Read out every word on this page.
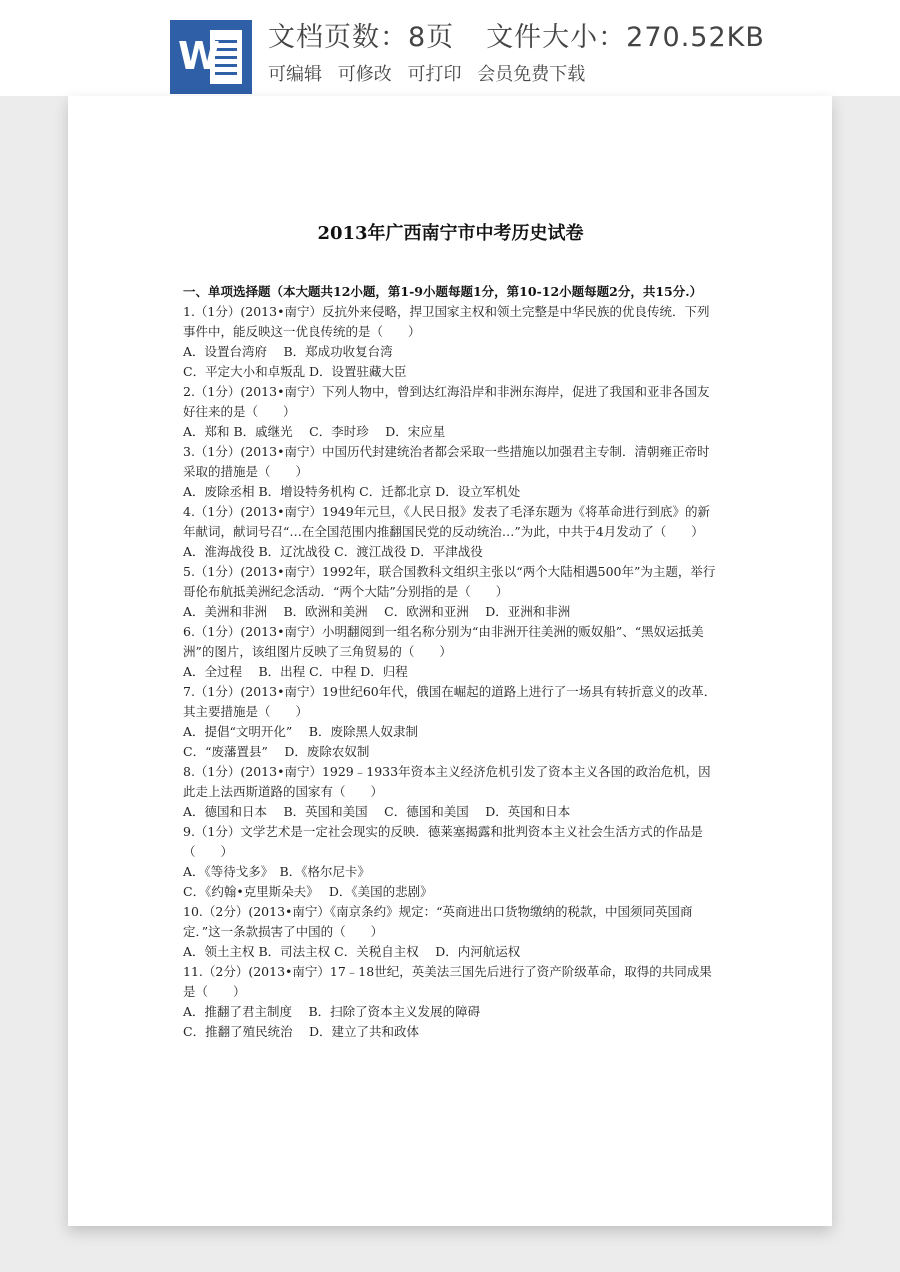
W 文档页数：8页 文件大小：270.52KB
可编辑 可修改 可打印 会员免费下载
2013年广西南宁市中考历史试卷
一、单项选择题（本大题共12小题，第1-9小题每题1分，第10-12小题每题2分，共15分.）

1.（1分）(2013•南宁）反抗外来侵略，捍卫国家主权和领土完整是中华民族的优良传统．下列事件中，能反映这一优良传统的是（　　）

A．设置台湾府　 B．郑成功收复台湾

C．平定大小和卓叛乱 D．设置驻藏大臣

2.（1分）(2013•南宁）下列人物中，曾到达红海沿岸和非洲东海岸，促进了我国和亚非各国友好往来的是（　　）

A．郑和 B．戚继光　 C．李时珍　 D．宋应星

3.（1分）(2013•南宁）中国历代封建统治者都会采取一些措施以加强君主专制．清朝雍正帝时采取的措施是（　　）

A．废除丞相 B．增设特务机构 C．迁都北京 D．设立军机处

4.（1分）(2013•南宁）1949年元旦，《人民日报》发表了毛泽东题为《将革命进行到底》的新年献词，献词号召“…在全国范围内推翻国民党的反动统治…”为此，中共于4月发动了（　　）

A．淮海战役 B．辽沈战役 C．渡江战役 D．平津战役

5.（1分）(2013•南宁）1992年，联合国教科文组织主张以“两个大陆相遇500年”为主题，举行哥伦布航抵美洲纪念活动．“两个大陆”分别指的是（　　）

A．美洲和非洲　 B．欧洲和美洲　 C．欧洲和亚洲　 D．亚洲和非洲

6.（1分）(2013•南宁）小明翻阅到一组名称分别为“由非洲开往美洲的贩奴船”、“黑奴运抵美洲”的图片，该组图片反映了三角贸易的（　　）

A．全过程　 B．出程 C．中程 D．归程

7.（1分）(2013•南宁）19世纪60年代，俄国在崛起的道路上进行了一场具有转折意义的改革．其主要措施是（　　）

A．提倡“文明开化”　 B．废除黑人奴隶制

C．“废藩置县”　 D．废除农奴制

8.（1分）(2013•南宁）1929﹣1933年资本主义经济危机引发了资本主义各国的政治危机，因此走上法西斯道路的国家有（　　）

A．德国和日本　 B．英国和美国　 C．德国和美国　 D．英国和日本

9.（1分）文学艺术是一定社会现实的反映．德莱塞揭露和批判资本主义社会生活方式的作品是（　　）

A．《等待戈多》　B．《格尔尼卡》

C．《约翰•克里斯朵夫》　 D．《美国的悲剧》

10.（2分）(2013•南宁）《南京条约》规定：“英商进出口货物缴纳的税款，中国须同英国商定．”这一条款损害了中国的（　　）

A．领土主权 B．司法主权 C．关税自主权　 D．内河航运权

11.（2分）(2013•南宁）17﹣18世纪，英美法三国先后进行了资产阶级革命，取得的共同成果是（　　）

A．推翻了君主制度　 B．扫除了资本主义发展的障碍

C．推翻了殖民统治　 D．建立了共和政体
